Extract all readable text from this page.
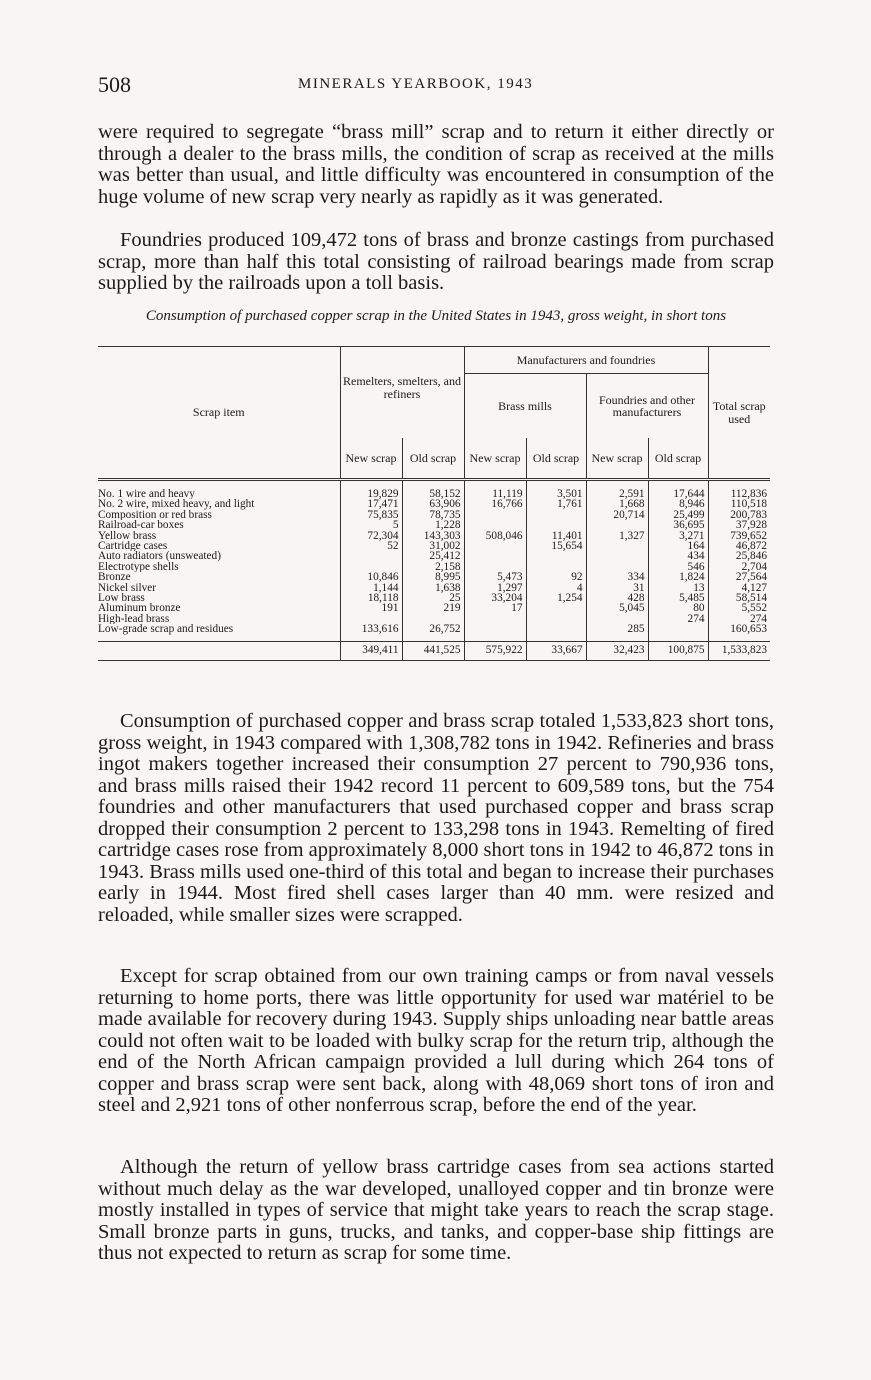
508	MINERALS YEARBOOK, 1943

were required to segregate “brass mill” scrap and to return it either directly or through a dealer to the brass mills, the condition of scrap as received at the mills was better than usual, and little difficulty was encountered in consumption of the huge volume of new scrap very nearly as rapidly as it was generated.

Foundries produced 109,472 tons of brass and bronze castings from purchased scrap, more than half this total consisting of railroad bearings made from scrap supplied by the railroads upon a toll basis.

Consumption of purchased copper scrap in the United States in 1943, gross weight, in short tons

Scrap item	Remelters, smelters, and refiners		Manufacturers and foundries				Total scrap used
			Brass mills		Foundries and other manufacturers		
	New scrap	Old scrap	New scrap	Old scrap	New scrap	Old scrap	
No. 1 wire and heavy	19,829	58,152	11,119	3,501	2,591	17,644	112,836
No. 2 wire, mixed heavy, and light	17,471	63,906	16,766	1,761	1,668	8,946	110,518
Composition or red brass	75,835	78,735			20,714	25,499	200,783
Railroad-car boxes	5	1,228				36,695	37,928
Yellow brass	72,304	143,303	508,046	11,401	1,327	3,271	739,652
Cartridge cases	52	31,002		15,654		164	46,872
Auto radiators (unsweated)		25,412				434	25,846
Electrotype shells		2,158				546	2,704
Bronze	10,846	8,995	5,473	92	334	1,824	27,564
Nickel silver	1,144	1,638	1,297	4	31	13	4,127
Low brass	18,118	25	33,204	1,254	428	5,485	58,514
Aluminum bronze	191	219	17		5,045	80	5,552
High-lead brass						274	274
Low-grade scrap and residues	133,616	26,752			285		160,653
	349,411	441,525	575,922	33,667	32,423	100,875	1,533,823

Consumption of purchased copper and brass scrap totaled 1,533,823 short tons, gross weight, in 1943 compared with 1,308,782 tons in 1942. Refineries and brass ingot makers together increased their consumption 27 percent to 790,936 tons, and brass mills raised their 1942 record 11 percent to 609,589 tons, but the 754 foundries and other manufacturers that used purchased copper and brass scrap dropped their consumption 2 percent to 133,298 tons in 1943. Remelting of fired cartridge cases rose from approximately 8,000 short tons in 1942 to 46,872 tons in 1943. Brass mills used one-third of this total and began to increase their purchases early in 1944. Most fired shell cases larger than 40 mm. were resized and reloaded, while smaller sizes were scrapped.

Except for scrap obtained from our own training camps or from naval vessels returning to home ports, there was little opportunity for used war matériel to be made available for recovery during 1943. Supply ships unloading near battle areas could not often wait to be loaded with bulky scrap for the return trip, although the end of the North African campaign provided a lull during which 264 tons of copper and brass scrap were sent back, along with 48,069 short tons of iron and steel and 2,921 tons of other nonferrous scrap, before the end of the year.

Although the return of yellow brass cartridge cases from sea actions started without much delay as the war developed, unalloyed copper and tin bronze were mostly installed in types of service that might take years to reach the scrap stage. Small bronze parts in guns, trucks, and tanks, and copper-base ship fittings are thus not expected to return as scrap for some time.
